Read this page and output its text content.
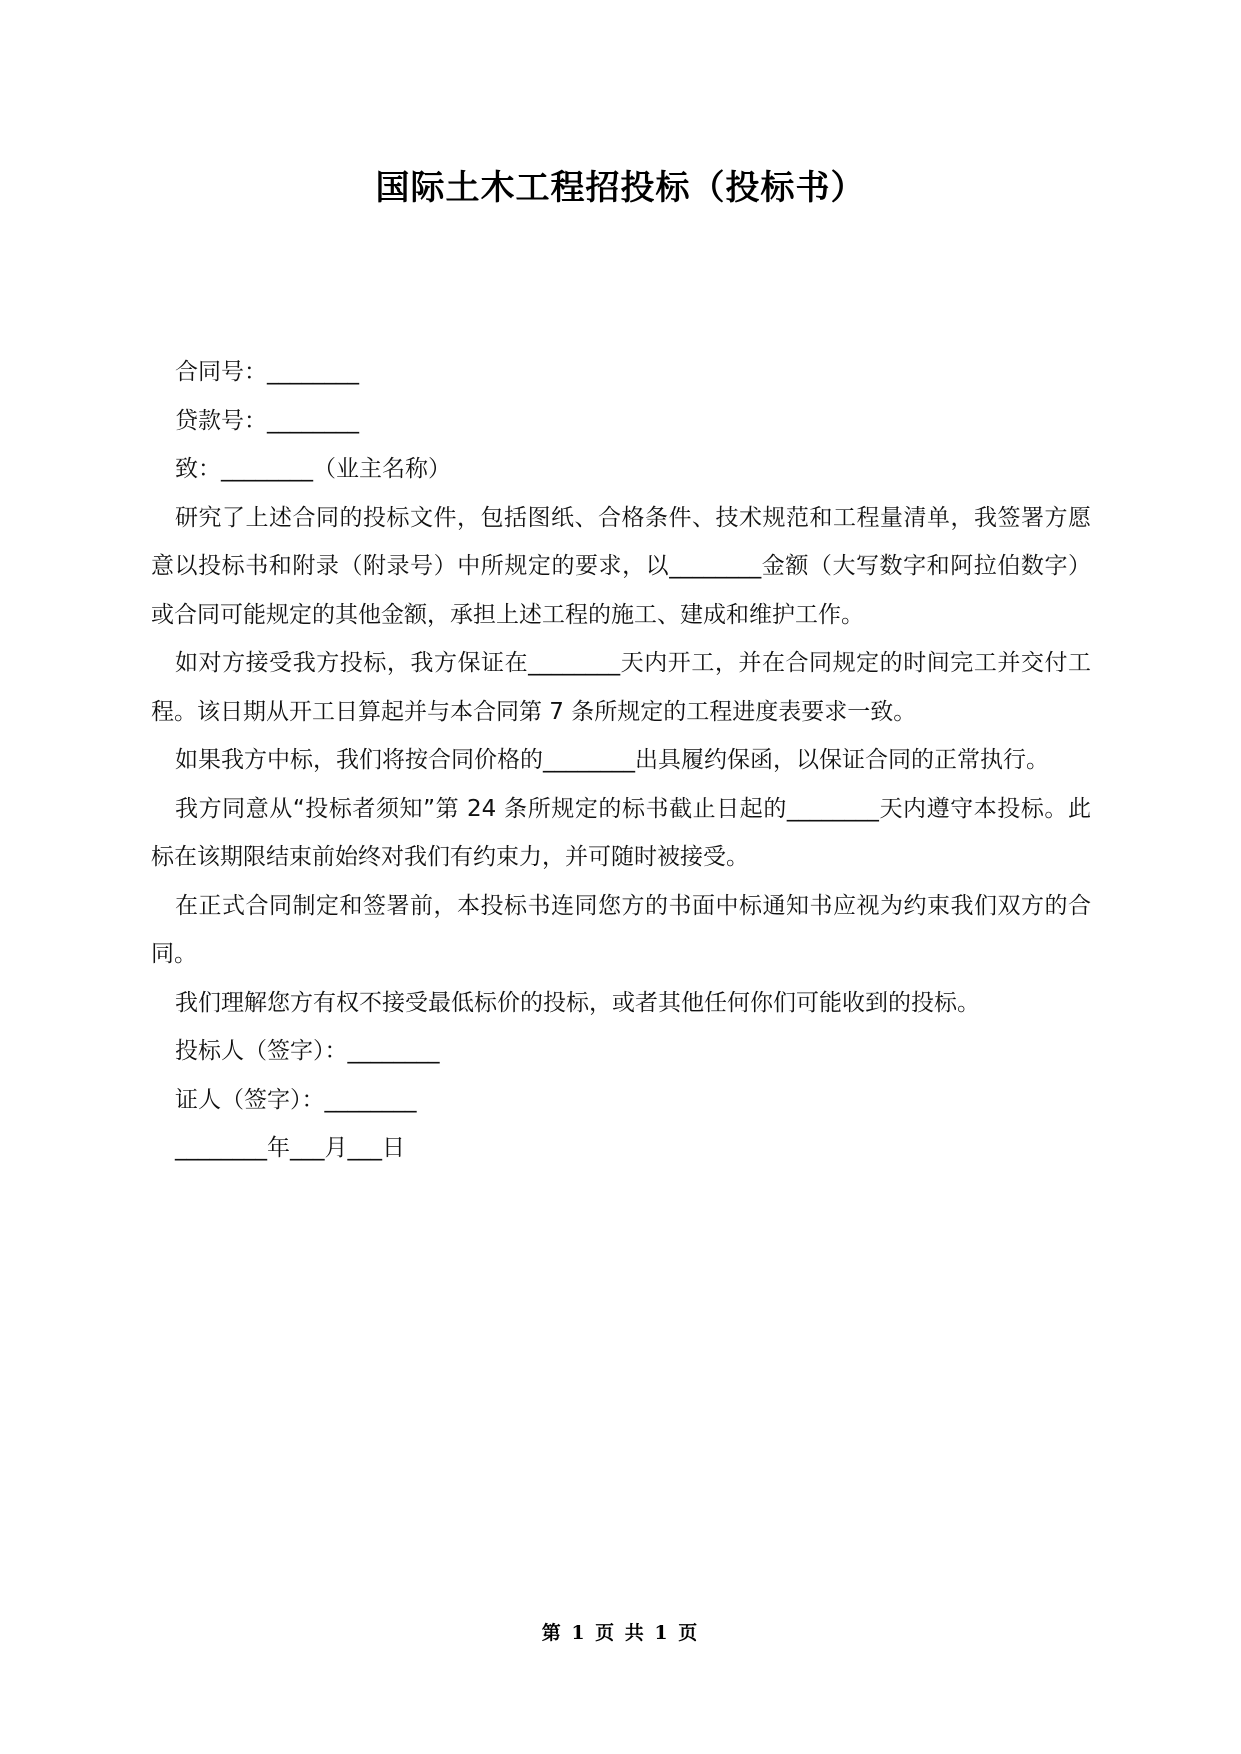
国际土木工程招投标（投标书）

合同号：________

贷款号：________

致：________（业主名称）

研究了上述合同的投标文件，包括图纸、合格条件、技术规范和工程量清单，我签署方愿意以投标书和附录（附录号）中所规定的要求，以________金额（大写数字和阿拉伯数字）或合同可能规定的其他金额，承担上述工程的施工、建成和维护工作。

如对方接受我方投标，我方保证在________天内开工，并在合同规定的时间完工并交付工程。该日期从开工日算起并与本合同第 7 条所规定的工程进度表要求一致。

如果我方中标，我们将按合同价格的________出具履约保函，以保证合同的正常执行。

我方同意从“投标者须知”第 24 条所规定的标书截止日起的________天内遵守本投标。此标在该期限结束前始终对我们有约束力，并可随时被接受。

在正式合同制定和签署前，本投标书连同您方的书面中标通知书应视为约束我们双方的合同。

我们理解您方有权不接受最低标价的投标，或者其他任何你们可能收到的投标。

投标人（签字）：________

证人（签字）：________

________年___月___日

第 1 页 共 1 页
